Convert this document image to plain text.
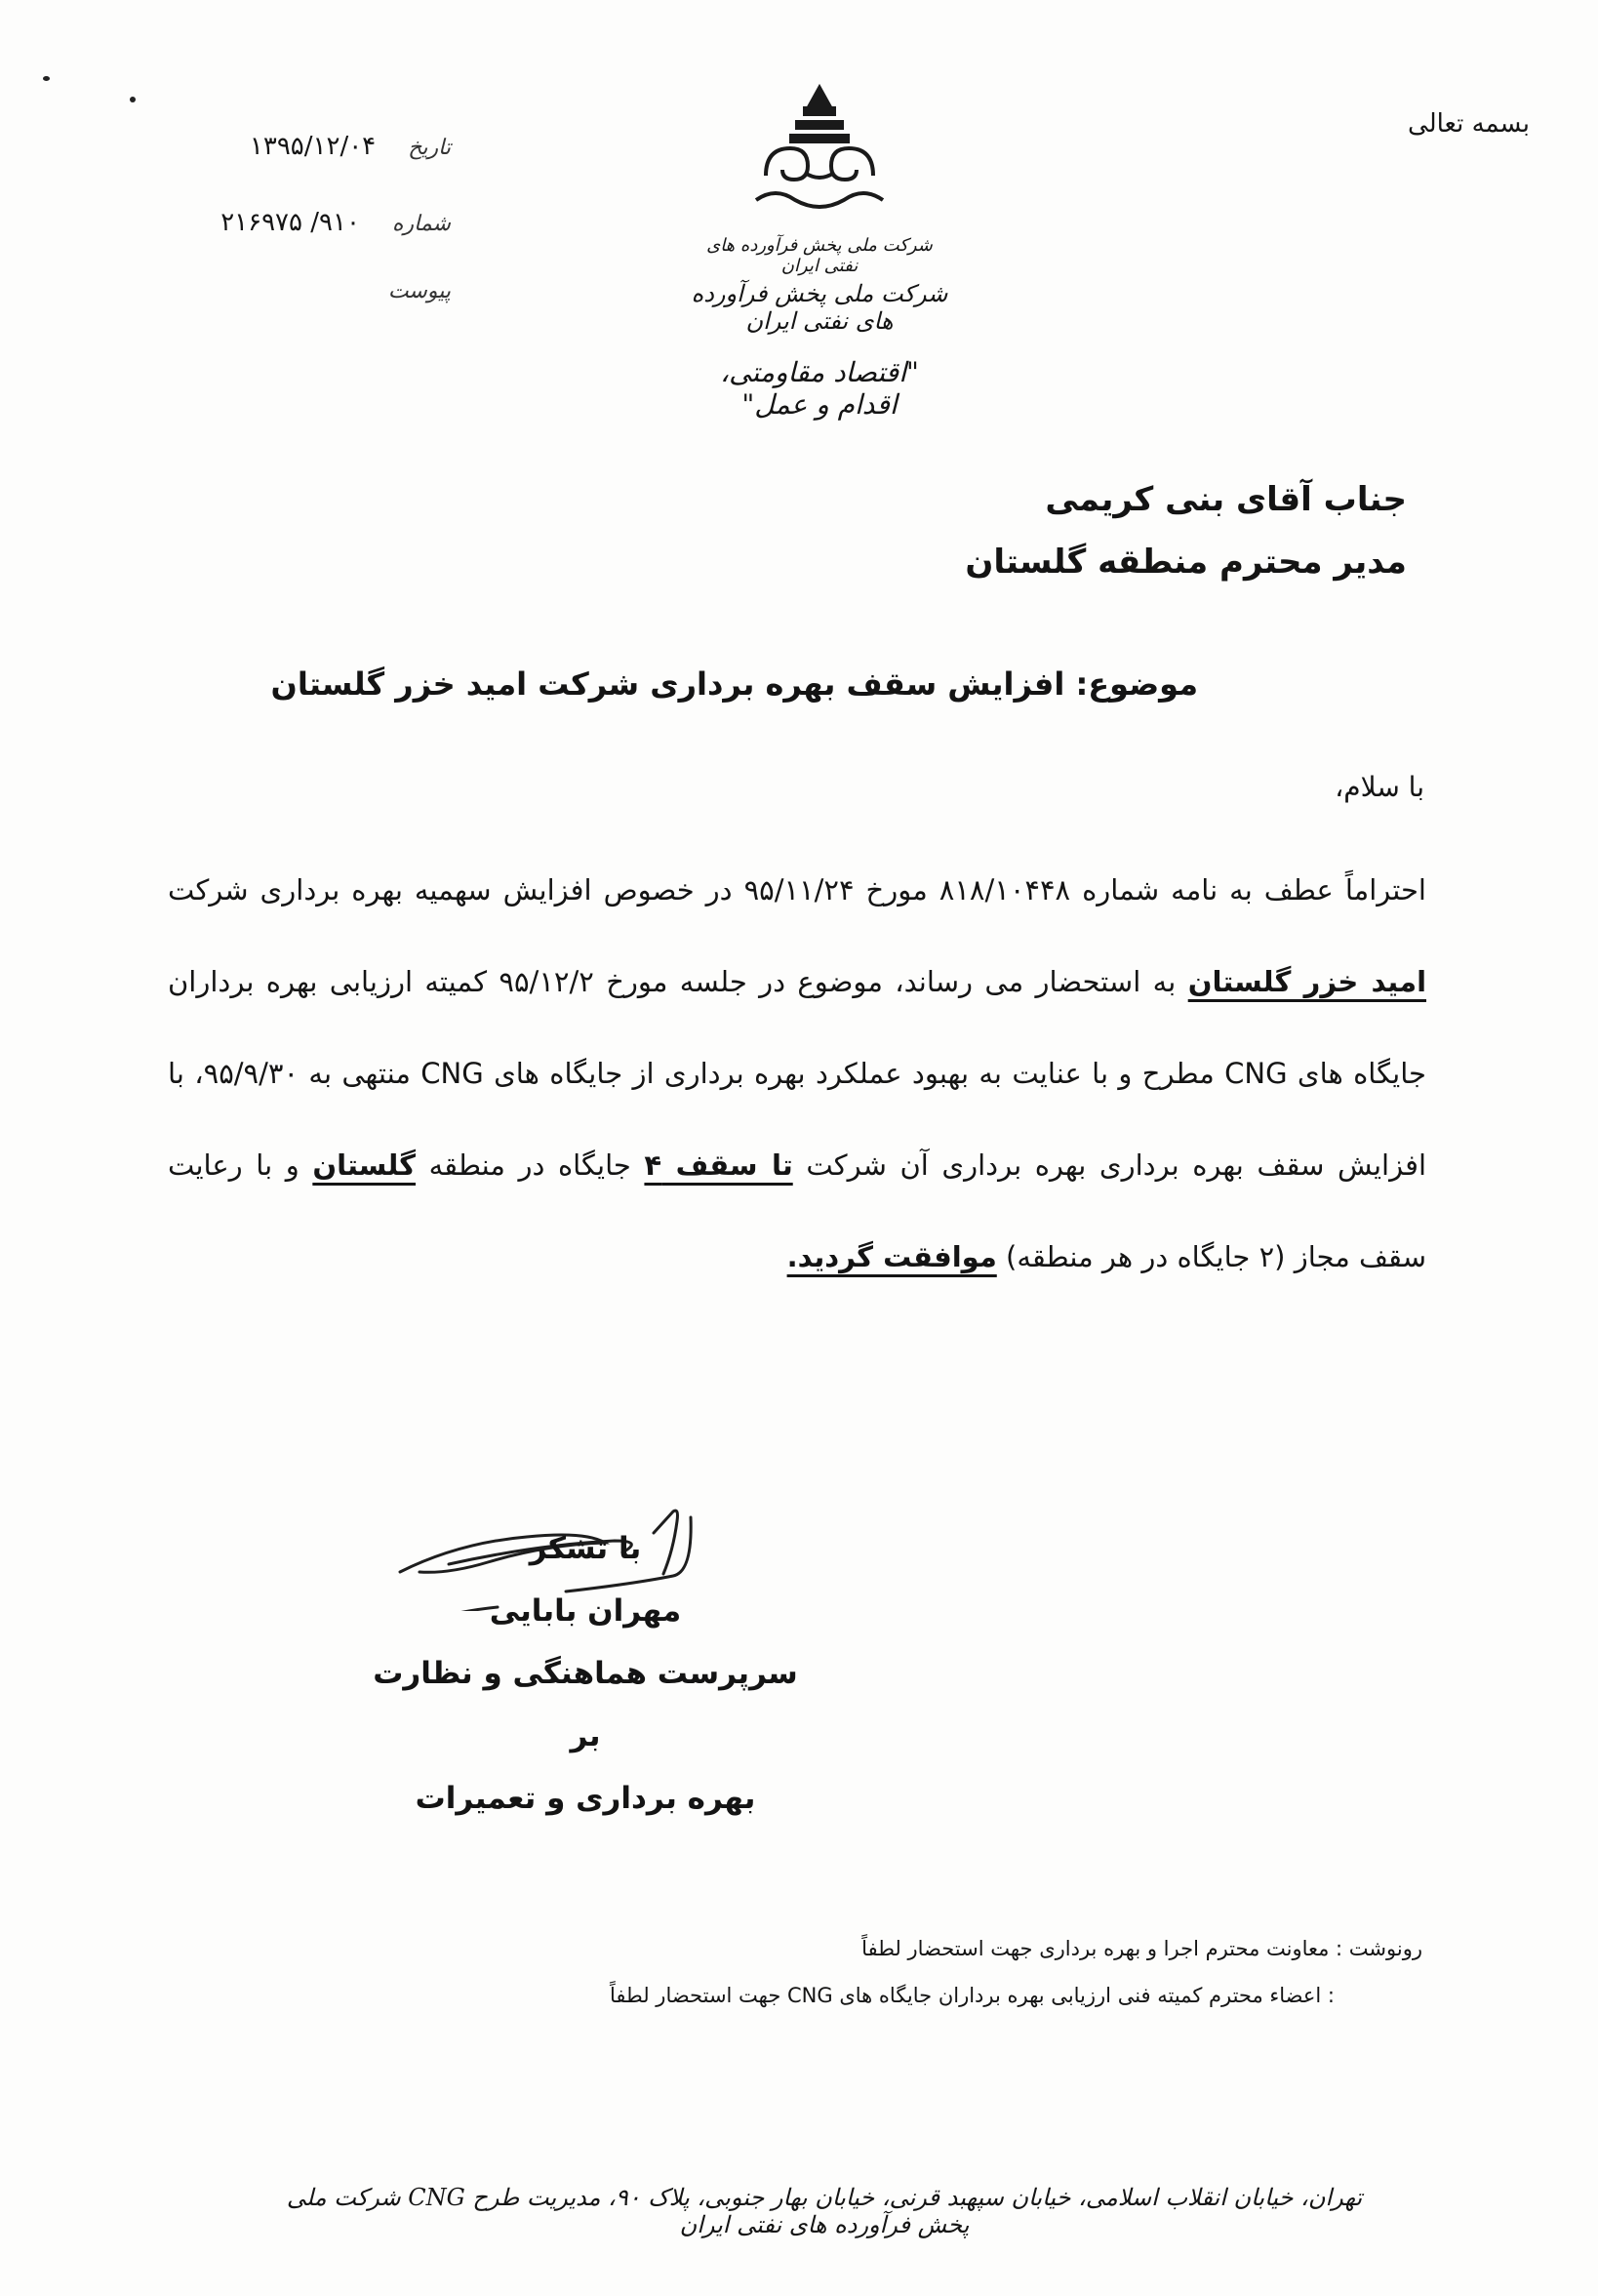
بسمه تعالی
تاریخ    ۱۳۹۵/۱۲/۰۴
شماره    ۹۱۰/ ۲۱۶۹۷۵
پیوست
شرکت ملی پخش فرآورده های نفتی ایران
شرکت ملی پخش فرآورده های نفتی ایران
"اقتصاد مقاومتی، اقدام و عمل"
جناب آقای بنی کریمی
مدیر محترم منطقه گلستان
موضوع: افزایش سقف بهره برداری شرکت امید خزر گلستان
با سلام،
احتراماً عطف به نامه شماره ۸۱۸/۱۰۴۴۸ مورخ ۹۵/۱۱/۲۴ در خصوص افزایش سهمیه بهره برداری شرکت امید خزر گلستان به استحضار می رساند، موضوع در جلسه مورخ ۹۵/۱۲/۲ کمیته ارزیابی بهره برداران جایگاه های CNG مطرح و با عنایت به بهبود عملکرد بهره برداری از جایگاه های CNG منتهی به ۹۵/۹/۳۰، با افزایش سقف بهره برداری بهره برداری آن شرکت تا سقف ۴ جایگاه در منطقه گلستان و با رعایت سقف مجاز (۲ جایگاه در هر منطقه) موافقت گردید.
با تشکر
مهران بابایی
سرپرست هماهنگی و نظارت بر
بهره برداری و تعمیرات
رونوشت : معاونت محترم اجرا و بهره برداری جهت استحضار لطفاً
: اعضاء محترم کمیته فنی ارزیابی بهره برداران جایگاه های CNG جهت استحضار لطفاً
تهران، خیابان انقلاب اسلامی، خیابان سپهبد قرنی، خیابان بهار جنوبی، پلاک ۹۰، مدیریت طرح CNG شرکت ملی پخش فرآورده های نفتی ایران
